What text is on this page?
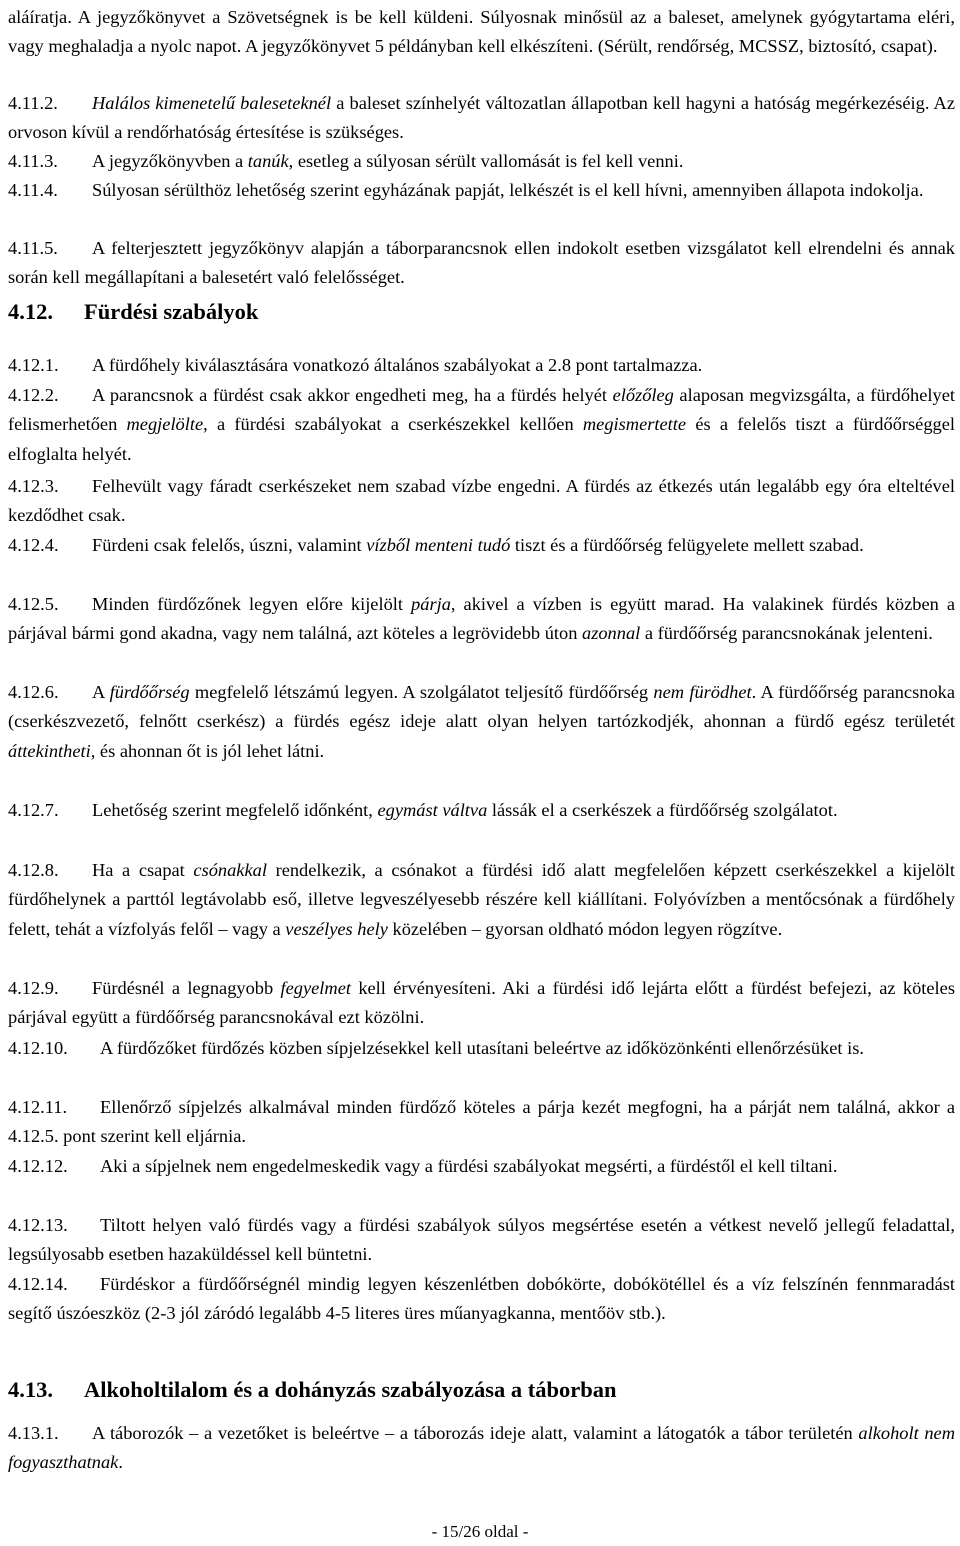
aláíratja. A jegyzőkönyvet a Szövetségnek is be kell küldeni. Súlyosnak minősül az a baleset, amelynek gyógytartama eléri, vagy meghaladja a nyolc napot. A jegyzőkönyvet 5 példányban kell elkészíteni. (Sérült, rendőrség, MCSSZ, biztosító, csapat).

4.11.2. Halálos kimenetelű baleseteknél a baleset színhelyét változatlan állapotban kell hagyni a hatóság megérkezéséig. Az orvoson kívül a rendőrhatóság értesítése is szükséges.

4.11.3. A jegyzőkönyvben a tanúk, esetleg a súlyosan sérült vallomását is fel kell venni.

4.11.4. Súlyosan sérülthöz lehetőség szerint egyházának papját, lelkészét is el kell hívni, amennyiben állapota indokolja.

4.11.5. A felterjesztett jegyzőkönyv alapján a táborparancsnok ellen indokolt esetben vizsgálatot kell elrendelni és annak során kell megállapítani a balesetért való felelősséget.

4.12. Fürdési szabályok

4.12.1. A fürdőhely kiválasztására vonatkozó általános szabályokat a 2.8 pont tartalmazza.

4.12.2. A parancsnok a fürdést csak akkor engedheti meg, ha a fürdés helyét előzőleg alaposan megvizsgálta, a fürdőhelyet felismerhetően megjelölte, a fürdési szabályokat a cserkészekkel kellően megismertette és a felelős tiszt a fürdőőrséggel elfoglalta helyét.

4.12.3. Felhevült vagy fáradt cserkészeket nem szabad vízbe engedni. A fürdés az étkezés után legalább egy óra elteltével kezdődhet csak.

4.12.4. Fürdeni csak felelős, úszni, valamint vízből menteni tudó tiszt és a fürdőőrség felügyelete mellett szabad.

4.12.5. Minden fürdőzőnek legyen előre kijelölt párja, akivel a vízben is együtt marad. Ha valakinek fürdés közben a párjával bármi gond akadna, vagy nem találná, azt köteles a legrövidebb úton azonnal a fürdőőrség parancsnokának jelenteni.

4.12.6. A fürdőőrség megfelelő létszámú legyen. A szolgálatot teljesítő fürdőőrség nem fürödhet. A fürdőőrség parancsnoka (cserkészvezető, felnőtt cserkész) a fürdés egész ideje alatt olyan helyen tartózkodjék, ahonnan a fürdő egész területét áttekintheti, és ahonnan őt is jól lehet látni.

4.12.7. Lehetőség szerint megfelelő időnként, egymást váltva lássák el a cserkészek a fürdőőrség szolgálatot.

4.12.8. Ha a csapat csónakkal rendelkezik, a csónakot a fürdési idő alatt megfelelően képzett cserkészekkel a kijelölt fürdőhelynek a parttól legtávolabb eső, illetve legveszélyesebb részére kell kiállítani. Folyóvízben a mentőcsónak a fürdőhely felett, tehát a vízfolyás felől – vagy a veszélyes hely közelében – gyorsan oldható módon legyen rögzítve.

4.12.9. Fürdésnél a legnagyobb fegyelmet kell érvényesíteni. Aki a fürdési idő lejárta előtt a fürdést befejezi, az köteles párjával együtt a fürdőőrség parancsnokával ezt közölni.

4.12.10. A fürdőzőket fürdőzés közben sípjelzésekkel kell utasítani beleértve az időközönkénti ellenőrzésüket is.

4.12.11. Ellenőrző sípjelzés alkalmával minden fürdőző köteles a párja kezét megfogni, ha a párját nem találná, akkor a 4.12.5. pont szerint kell eljárnia.

4.12.12. Aki a sípjelnek nem engedelmeskedik vagy a fürdési szabályokat megsérti, a fürdéstől el kell tiltani.

4.12.13. Tiltott helyen való fürdés vagy a fürdési szabályok súlyos megsértése esetén a vétkest nevelő jellegű feladattal, legsúlyosabb esetben hazaküldéssel kell büntetni.

4.12.14. Fürdéskor a fürdőőrségnél mindig legyen készenlétben dobókörte, dobókötéllel és a víz felszínén fennmaradást segítő úszóeszköz (2-3 jól záródó legalább 4-5 literes üres műanyagkanna, mentőöv stb.).

4.13. Alkoholtilalom és a dohányzás szabályozása a táborban

4.13.1. A táborozók – a vezetőket is beleértve – a táborozás ideje alatt, valamint a látogatók a tábor területén alkoholt nem fogyaszthatnak.

- 15/26 oldal -
